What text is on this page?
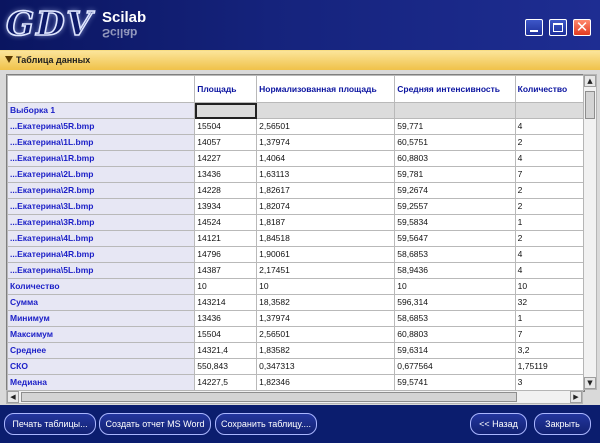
GDV Scilab
Scilab	✕
Таблица данных
	Площадь	Нормализованная площадь	Средняя интенсивность	Количество
Выборка 1				
...Екатерина\5R.bmp	15504	2,56501	59,771	4
...Екатерина\1L.bmp	14057	1,37974	60,5751	2
...Екатерина\1R.bmp	14227	1,4064	60,8803	4
...Екатерина\2L.bmp	13436	1,63113	59,781	7
...Екатерина\2R.bmp	14228	1,82617	59,2674	2
...Екатерина\3L.bmp	13934	1,82074	59,2557	2
...Екатерина\3R.bmp	14524	1,8187	59,5834	1
...Екатерина\4L.bmp	14121	1,84518	59,5647	2
...Екатерина\4R.bmp	14796	1,90061	58,6853	4
...Екатерина\5L.bmp	14387	2,17451	58,9436	4
Количество	10	10	10	10
Сумма	143214	18,3582	596,314	32
Минимум	13436	1,37974	58,6853	1
Максимум	15504	2,56501	60,8803	7
Среднее	14321,4	1,83582	59,6314	3,2
СКО	550,843	0,347313	0,677564	1,75119
Медиана	14227,5	1,82346	59,5741	3

▲
▼
◀	▶
Печать таблицы...	Создать отчет MS Word	Сохранить таблицу....	<< Назад	Закрыть
